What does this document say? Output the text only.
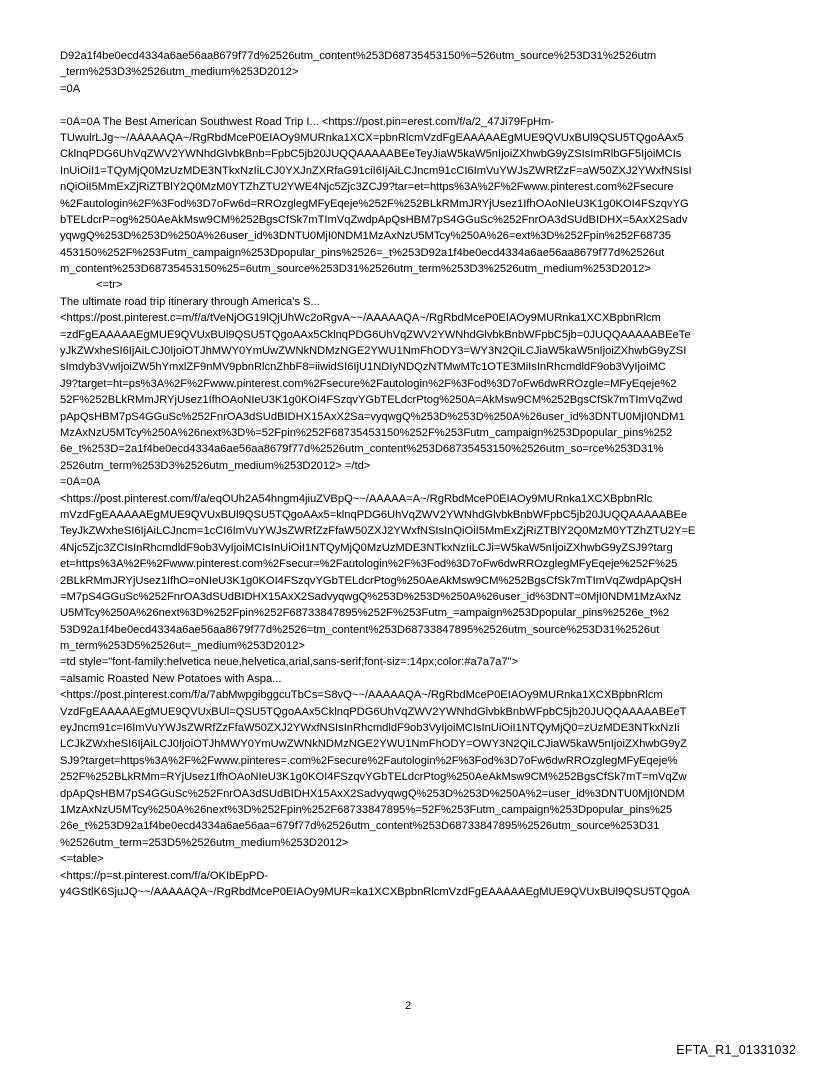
D92a1f4be0ecd4334a6ae56aa8679f77d%2526utm_content%253D68735453150%=526utm_source%253D31%2526utm
_term%253D3%2526utm_medium%253D2012>
=0A
=0A=0A The Best American Southwest Road Trip I... <https://post.pin=erest.com/f/a/2_47Ji79FpHm-
TUwulrLJg~~/AAAAAQA~/RgRbdMceP0EIAOy9MURnka1XCX=pbnRlcmVzdFgEAAAAAEgMUE9QVUxBUl9QSU5TQgoAAx5
CklnqPDG6UhVqZWV2YWNhdGlvbkBnb=FpbC5jb20JUQQAAAAABEeTeyJiaW5kaW5nIjoiZXhwbG9yZSIsImRlbGF5IjoiMCIs
InUiOiI1=TQyMjQ0MzUzMDE3NTkxNzIiLCJ0YXJnZXRfaG91ciI6IjAiLCJncm91cCI6ImVuYWJsZWRfZzF=aW50ZXJ2YWxfNSIsI
nQiOiI5MmExZjRiZTBlY2Q0MzM0YTZhZTU2YWE4Njc5Zjc3ZCJ9?tar=et=https%3A%2F%2Fwww.pinterest.com%2Fsecure
%2Fautologin%2F%3Fod%3D7oFw6d=RROzglegMFyEqeje%252F%252BLkRMmJRYjUsez1IfhOAoNIeU3K1g0KOI4FSzqvYG
bTELdcrP=og%250AeAkMsw9CM%252BgsCfSk7mTImVqZwdpApQsHBM7pS4GGuSc%252FnrOA3dSUdBIDHX=5AxX2Sadv
yqwgQ%253D%253D%250A%26user_id%3DNTU0MjI0NDM1MzAxNzU5MTcy%250A%26=ext%3D%252Fpin%252F68735
453150%252F%253Futm_campaign%253Dpopular_pins%2526=_t%253D92a1f4be0ecd4334a6ae56aa8679f77d%2526ut
m_content%253D68735453150%25=6utm_source%253D31%2526utm_term%253D3%2526utm_medium%253D2012>
<=tr>
The ultimate road trip itinerary through America's S...
<https://post.pinterest.c=m/f/a/tVeNjOG19lQjUhWc2oRgvA~~/AAAAAQA~/RgRbdMceP0EIAOy9MURnka1XCXBpbnRlcm
=zdFgEAAAAAEgMUE9QVUxBUl9QSU5TQgoAAx5CklnqPDG6UhVqZWV2YWNhdGlvbkBnbWFpbC5jb=0JUQQAAAAABEeTe
yJkZWxheSI6IjAiLCJ0IjoiOTJhMWY0YmUwZWNkNDMzNGE2YWU1NmFhODY3=WY3N2QiLCJiaW5kaW5nIjoiZXhwbG9yZSI
sImdyb3VwIjoiZW5hYmxlZF9nMV9pbnRlcnZhbF8=iiwidSI6IjU1NDIyNDQzNTMwMTc1OTE3MiIsInRhcmdldF9ob3VyIjoiMC
J9?target=ht=ps%3A%2F%2Fwww.pinterest.com%2Fsecure%2Fautologin%2F%3Fod%3D7oFw6dwRROzgle=MFyEqeje%2
52F%252BLkRMmJRYjUsez1IfhOAoNIeU3K1g0KOI4FSzqvYGbTELdcrPtog%250A=AkMsw9CM%252BgsCfSk7mTImVqZwd
pApQsHBM7pS4GGuSc%252FnrOA3dSUdBIDHX15AxX2Sa=vyqwgQ%253D%253D%250A%26user_id%3DNTU0MjI0NDM1
MzAxNzU5MTcy%250A%26next%3D%=52Fpin%252F68735453150%252F%253Futm_campaign%253Dpopular_pins%252
6e_t%253D=2a1f4be0ecd4334a6ae56aa8679f77d%2526utm_content%253D68735453150%2526utm_so=rce%253D31%
2526utm_term%253D3%2526utm_medium%253D2012> =/td>
=0A=0A
<https://post.pinterest.com/f/a/eqOUh2A54hngm4jiuZVBpQ~~/AAAAA=A~/RgRbdMceP0EIAOy9MURnka1XCXBpbnRlc
mVzdFgEAAAAAEgMUE9QVUxBUl9QSU5TQgoAAx5=klnqPDG6UhVqZWV2YWNhdGlvbkBnbWFpbC5jb20JUQQAAAAABEe
TeyJkZWxheSI6IjAiLCJncm=1cCI6ImVuYWJsZWRfZzFfaW50ZXJ2YWxfNSIsInQiOiI5MmExZjRiZTBlY2Q0MzM0YTZhZTU2Y=E
4Njc5Zjc3ZCIsInRhcmdldF9ob3VyIjoiMCIsInUiOiI1NTQyMjQ0MzUzMDE3NTkxNzIiLCJi=W5kaW5nIjoiZXhwbG9yZSJ9?targ
et=https%3A%2F%2Fwww.pinterest.com%2Fsecur=%2Fautologin%2F%3Fod%3D7oFw6dwRROzglegMFyEqeje%252F%25
2BLkRMmJRYjUsez1IfhO=oNIeU3K1g0KOI4FSzqvYGbTELdcrPtog%250AeAkMsw9CM%252BgsCfSk7mTImVqZwdpApQsH
=M7pS4GGuSc%252FnrOA3dSUdBIDHX15AxX2SadvyqwgQ%253D%253D%250A%26user_id%3DNT=0MjI0NDM1MzAxNz
U5MTcy%250A%26next%3D%252Fpin%252F68733847895%252F%253Futm_=ampaign%253Dpopular_pins%2526e_t%2
53D92a1f4be0ecd4334a6ae56aa8679f77d%2526=tm_content%253D68733847895%2526utm_source%253D31%2526ut
m_term%253D5%2526ut=_medium%253D2012>
=td style="font-family:helvetica neue,helvetica,arial,sans-serif;font-siz=:14px;color:#a7a7a7">
=alsamic Roasted New Potatoes with Aspa...
<https://post.pinterest.com/f/a/7abMwpgibggcuTbCs=S8vQ~~/AAAAAQA~/RgRbdMceP0EIAOy9MURnka1XCXBpbnRlcm
VzdFgEAAAAAEgMUE9QVUxBUl=QSU5TQgoAAx5CklnqPDG6UhVqZWV2YWNhdGlvbkBnbWFpbC5jb20JUQQAAAAABEeT
eyJncm91c=I6ImVuYWJsZWRfZzFfaW50ZXJ2YWxfNSIsInRhcmdldF9ob3VyIjoiMCIsInUiOiI1NTQyMjQ0=zUzMDE3NTkxNzIi
LCJkZWxheSI6IjAiLCJ0IjoiOTJhMWY0YmUwZWNkNDMzNGE2YWU1NmFhODY=OWY3N2QiLCJiaW5kaW5nIjoiZXhwbG9yZ
SJ9?target=https%3A%2F%2Fwww.pinteres=.com%2Fsecure%2Fautologin%2F%3Fod%3D7oFw6dwRROzglegMFyEqeje%
252F%252BLkRMm=RYjUsez1IfhOAoNIeU3K1g0KOI4FSzqvYGbTELdcrPtog%250AeAkMsw9CM%252BgsCfSk7mT=mVqZw
dpApQsHBM7pS4GGuSc%252FnrOA3dSUdBIDHX15AxX2SadvyqwgQ%253D%253D%250A%2=user_id%3DNTU0MjI0NDM
1MzAxNzU5MTcy%250A%26next%3D%252Fpin%252F68733847895%=52F%253Futm_campaign%253Dpopular_pins%25
26e_t%253D92a1f4be0ecd4334a6ae56aa=679f77d%2526utm_content%253D68733847895%2526utm_source%253D31
%2526utm_term=253D5%2526utm_medium%253D2012>
<=table>
<https://p=st.pinterest.com/f/a/OKIbEpPD-
y4GStlK6SjuJQ~~/AAAAAQA~/RgRbdMceP0EIAOy9MUR=ka1XCXBpbnRlcmVzdFgEAAAAAEgMUE9QVUxBUl9QSU5TQgoA
2
EFTA_R1_01331032
